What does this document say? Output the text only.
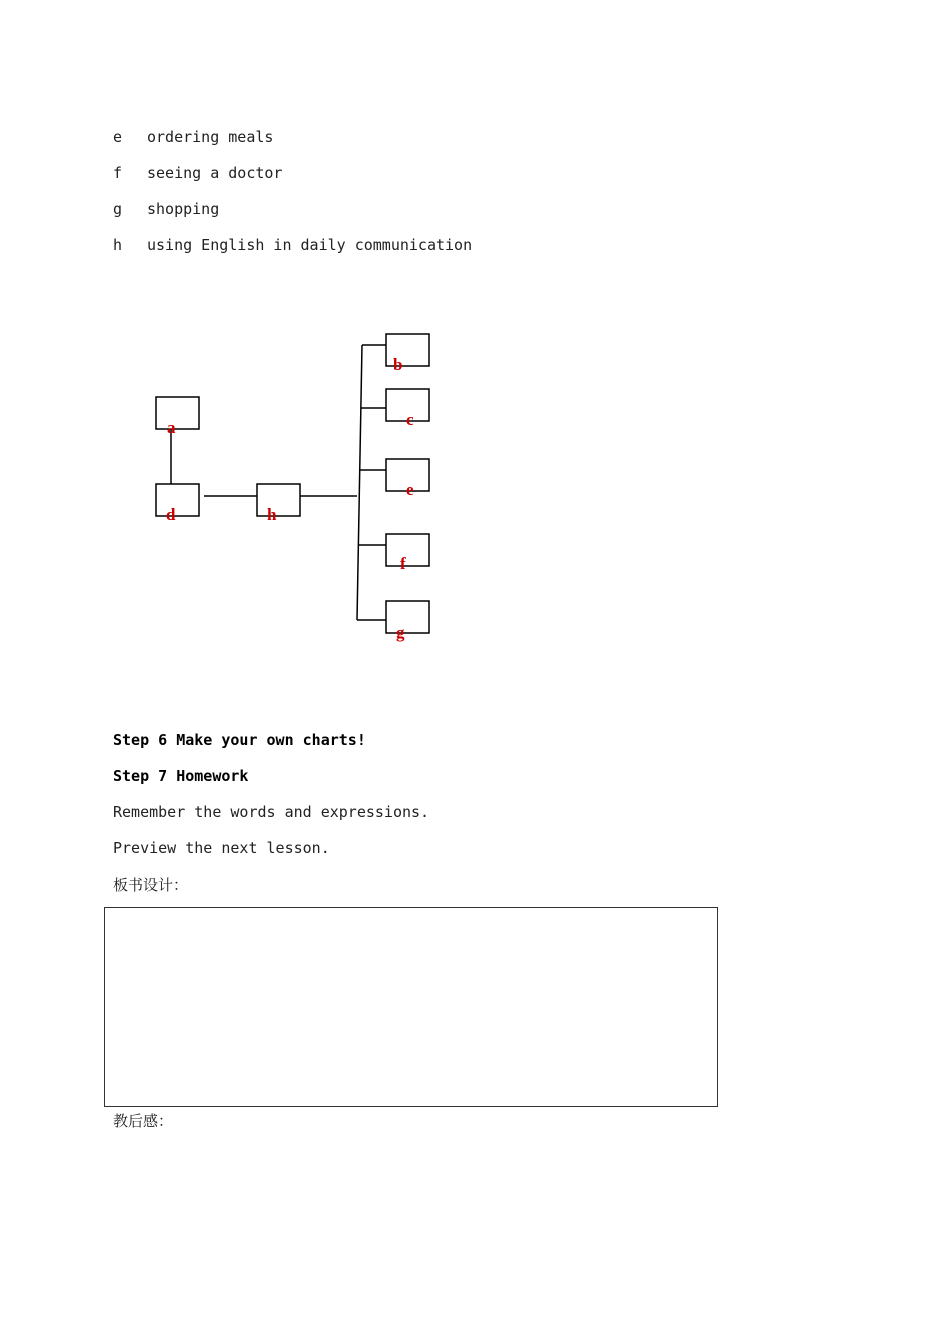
e ordering meals
f seeing a doctor
g shopping
h using English in daily communication
a
b
c
d
e
f
g
h
Step 6 Make your own charts!
Step 7 Homework
Remember the words and expressions.
Preview the next lesson.
板书设计：
教后感：
